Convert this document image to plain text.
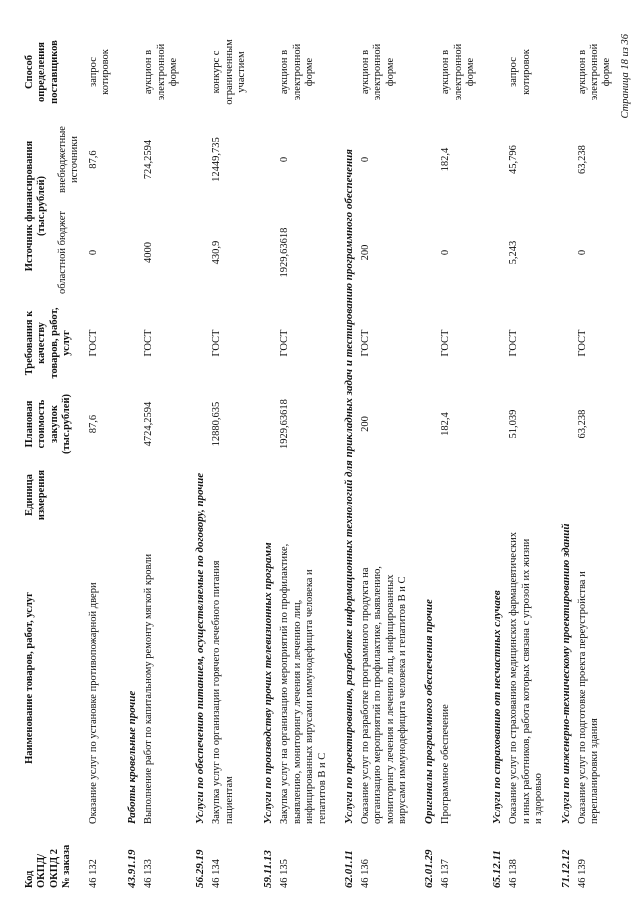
Код ОКПД/ ОКПД 2 № заказа	Наименование товаров, работ, услуг	Единица измерения	Плановая стоимость закупок (тыс.рублей)	Требования к качеству товаров, работ, услуг	Источник финансирования (тыс.рублей)		Способ определения поставщиков
					областной бюджет	внебюджетные источники	
46 132	Оказание услуг по установке противопожарной двери		87,6	ГОСТ	0	87,6	запрос котировок
43.91.19	Работы кровельные прочие						
46 133	Выполнение работ по капитальному ремонту мягкой кровли		4724,2594	ГОСТ	4000	724,2594	аукцион в электронной форме
56.29.19	Услуги по обеспечению питанием, осуществляемые по договору, прочие						
46 134	Закупка услуг по организации горячего лечебного питания пациентам		12880,635	ГОСТ	430,9	12449,735	конкурс с ограниченным участием
59.11.13	Услуги по производству прочих телевизионных программ						
46 135	Закупка услуг на организацию мероприятий по профилактике, выявлению, мониторингу лечения и лечению лиц, инфицированных вирусами иммунодефицита человека и гепатитов В и С		1929,63618	ГОСТ	1929,63618	0	аукцион в электронной форме
62.01.11	Услуги по проектированию, разработке информационных технологий для прикладных задач и тестированию программного обеспечения						
46 136	Оказание услуг по разработке программного продукта на организацию мероприятий по профилактике, выявлению, мониторингу лечения и лечению лиц, инфицированных вирусами иммунодефицита человека и гепатитов В и С		200	ГОСТ	200	0	аукцион в электронной форме
62.01.29	Оригиналы программного обеспечения прочие						
46 137	Программное обеспечение		182,4	ГОСТ	0	182,4	аукцион в электронной форме
65.12.11	Услуги по страхованию от несчастных случаев						
46 138	Оказание услуг по страхованию медицинских фармацевтических и иных работников, работа которых связана с угрозой их жизни и здоровью		51,039	ГОСТ	5,243	45,796	запрос котировок
71.12.12	Услуги по инженерно-техническому проектированию зданий						
46 139	Оказание услуг по подготовке проекта переустройства и перепланировки здания		63,238	ГОСТ	0	63,238	аукцион в электронной форме Страница 18 из 36
